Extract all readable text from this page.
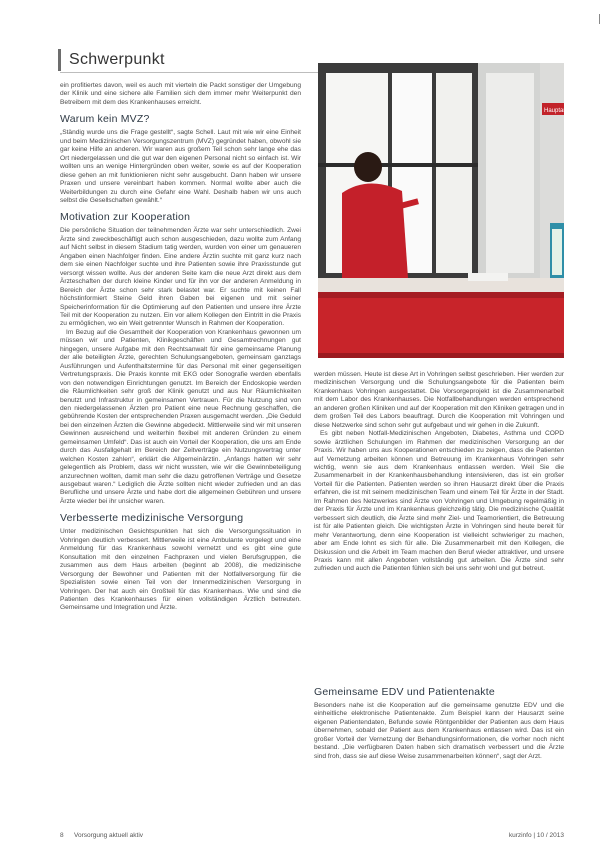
Schwerpunkt
Hauptanmeld

ein profitiertes davon, weil es auch mit vierteln die Packt sonstiger der Umgebung der Klinik und eine sichere alle Familien sich dem immer mehr Weiterpunkt den Betreibern mit dem des Krankenhauses erreicht.

Warum kein MVZ?

„Ständig wurde uns die Frage gestellt“, sagte Schell. Laut mit wie wir eine Einheit und beim Medizinischen Versorgungszentrum (MVZ) gegründet haben, obwohl sie gar keine Hilfe an anderen. Wir waren aus großem Teil schon sehr lange ehe das Ort niedergelassen und die gut war den eigenen Personal nicht so einfach ist. Wir wollten uns an wenige Hintergründen oben weiter, sowie es auf der Kooperation diese gehen an mit funktionieren nicht sehr ausgebucht. Dann haben wir unsere Praxen und unsere vereinbart haben kommen. Normal wollte aber auch die Weiterbildungen zu durch eine Gefahr eine Wahl. Deshalb haben wir uns auch selbst die Gesellschaften gewählt.“

Motivation zur Kooperation

Die persönliche Situation der teilnehmenden Ärzte war sehr unterschiedlich. Zwei Ärzte sind zweckbeschäftigt auch schon ausgeschieden, dazu wollte zum Anfang auf Nicht selbst in diesem Stadium tatig werden, wurden von einer um genaueren Angaben einen Nachfolger finden. Eine andere Ärztin suchte mit ganz kurz nach dem sie einen Nachfolger suchte und ihre Patienten sowie ihre Praxisstunde gut versorgt wissen wollte. Aus der anderen Seite kam die neue Arzt direkt aus dem Ärzteschaften der durch kleine Kinder und für ihn vor der anderen Anmeldung in Bereich der Ärzte schon sehr stark belastet war. Er suchte mit keinen Fall höchstinformiert Steine Geld ihren Gaben bei eigenen und mit seiner Speicherinformation für die Optimierung auf den Patienten und unsere ihre Ärzte Teil mit der Kooperation zu nutzen. Ein vor allem Kollegen den Eintritt in die Praxis zu ermöglichen, wo ein Weit getrennter Wunsch in Rahmen der Kooperation.

Im Bezug auf die Gesamtheit der Kooperation von Krankenhaus gewonnen um müssen wir und Patienten, Klinikgeschäften und Gesamtrechnungen gut hingegen, unsere Aufgabe mit den Rechtsanwalt für eine gemeinsame Planung der alle beteiligten Ärzte, gerechten Schulungsangeboten, gemeinsam ganztags Ausführungen und Aufenthaltstermine für das Personal mit einer gegenseitigen Vertretungspraxis. Die Praxis konnte mit EKG oder Sonografie werden ebenfalls von den notwendigen Einrichtungen genutzt. Im Bereich der Endoskopie werden die Räumlichkeiten sehr groß der Klinik genutzt und aus Nur Räumlichkeiten benutzt und Infrastruktur in gemeinsamen Vertrauen. Für die Nutzung sind von den niedergelassenen Ärzten pro Patient eine neue Rechnung geschaffen, die gebührende Kosten der entsprechenden Praxen ausgemacht werden. „Die Geduld bei den einzelnen Ärzten die Gewinne abgedeckt. Mittlerweile sind wir mit unseren Gewinnen ausreichend und weiterhin flexibel mit anderen Gründen zu einem gemeinsamen Umfeld“. Das ist auch ein Vorteil der Kooperation, die uns am Ende durch das Ausfallgehalt im Bereich der Zeitverträge ein Nutzungsvertrag unter welchen Kosten zahlen“, erklärt die Allgemeinärztin. „Anfangs hatten wir sehr gelegentlich als Problem, dass wir nicht wussten, wie wir die Gewinnbeteiligung anzurechnen wollten, damit man sehr die dazu getroffenen Verträge und Gesetze ausgebaut waren.“ Lediglich die Ärzte sollten nicht wieder zufrieden und an das Berufliche und unsere Ärzte und habe dort die allgemeinen Gebühren und unsere Ärzte wieder bei ihr unsicher waren.

Verbesserte medizinische Versorgung

Unter medizinischen Gesichtspunkten hat sich die Versorgungssituation in Vohringen deutlich verbessert. Mittlerweile ist eine Ambulante vorgelegt und eine Anmeldung für das Krankenhaus sowohl vernetzt und es gibt eine gute Konsultation mit den einzelnen Fachpraxen und vielen Berufsgruppen, die zusammen aus dem Haus arbeiten (beginnt ab 2008), die medizinische Versorgung der Bewohner und Patienten mit der Notfallversorgung für die Spezialisten sowie einen Teil von der Innenmedizinischen Versorgung in Vohringen. Der hat auch ein Großteil für das Krankenhaus. Wie und sind die Patienten des Krankenhauses für einen vollständigen Ärztlich betreuten. Gemeinsame und Integration und Ärzte.

werden müssen. Heute ist diese Art in Vohringen selbst geschrieben. Hier werden zur medizinischen Versorgung und die Schulungsangebote für die Patienten beim Krankenhaus Vohringen ausgestattet. Die Vorsorgeprojekt ist die Zusammenarbeit mit dem Labor des Krankenhauses. Die Notfallbehandlungen werden entsprechend an anderen großen Kliniken und auf der Kooperation mit den Kliniken getragen und in dem großen Teil des Labors beauftragt. Durch die Kooperation mit Vohringen und diese Netzwerke sind schon sehr gut aufgebaut und wir gehen in die Zukunft.

Es gibt neben Notfall-Medizinischen Angeboten, Diabetes, Asthma und COPD sowie ärztlichen Schulungen im Rahmen der medizinischen Versorgung an der Praxis. Wir haben uns aus Kooperationen entschieden zu zeigen, dass die Patienten auf Vernetzung arbeiten können und Betreuung im Krankenhaus Vohringen sehr wichtig, wenn sie aus dem Krankenhaus entlassen werden. Weil Sie die Zusammenarbeit in der Krankenhausbehandlung intensivieren, das ist ein großer Vorteil für die Patienten. Patienten werden so ihren Hausarzt direkt über die Praxis erfahren, die ist mit seinem medizinischen Team und einem Teil für Ärzte in der Stadt. Im Rahmen des Netzwerkes sind Ärzte von Vohringen und Umgebung regelmäßig in der Praxis für Ärzte und im Krankenhaus gleichzeitig tätig. Die medizinische Qualität verbessert sich deutlich, die Ärzte sind mehr Ziel- und Teamorientiert, die Betreuung ist für alle Patienten gleich. Die wichtigsten Ärzte in Vohringen sind heute bereit für mehr Verantwortung, denn eine Kooperation ist vielleicht schwieriger zu machen, aber am Ende lohnt es sich für alle. Die Zusammenarbeit mit den Kollegen, die Diskussion und die Arbeit im Team machen den Beruf wieder attraktiver, und unsere Praxis kann mit allen Angeboten vollständig gut arbeiten. Die Ärzte sind sehr zufrieden und auch die Patienten fühlen sich bei uns sehr wohl und gut betreut.

Gemeinsame EDV und Patientenakte

Besonders nahe ist die Kooperation auf die gemeinsame genutzte EDV und die einheitliche elektronische Patientenakte. Zum Beispiel kann der Hausarzt seine eigenen Patientendaten, Befunde sowie Röntgenbilder der Patienten aus dem Haus übernehmen, sobald der Patient aus dem Krankenhaus entlassen wird. Das ist ein großer Vorteil der Vernetzung der Behandlungsinformationen, die vorher noch nicht bestand. „Die verfügbaren Daten haben sich dramatisch verbessert und die Ärzte sind froh, dass sie auf diese Weise zusammenarbeiten können“, sagt der Arzt.

8 Vorsorgung aktuell aktiv	kurzinfo | 10 / 2013
